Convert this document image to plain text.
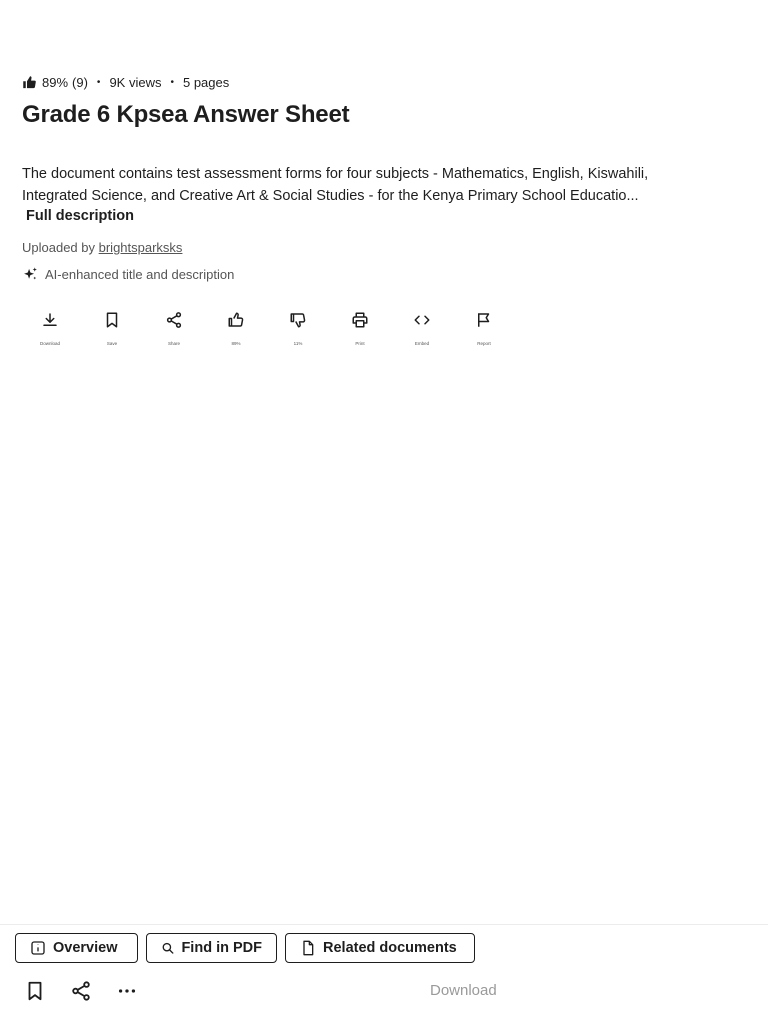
89% (9) • 9K views • 5 pages
Grade 6 Kpsea Answer Sheet
The document contains test assessment forms for four subjects - Mathematics, English, Kiswahili,
Integrated Science, and Creative Art & Social Studies - for the Kenya Primary School Educatio...
Full description
Uploaded by brightsparksks
AI-enhanced title and description
Download	Save	Share	89%	11%	Print	Embed	Report
Overview	Find in PDF	Related documents
Download
